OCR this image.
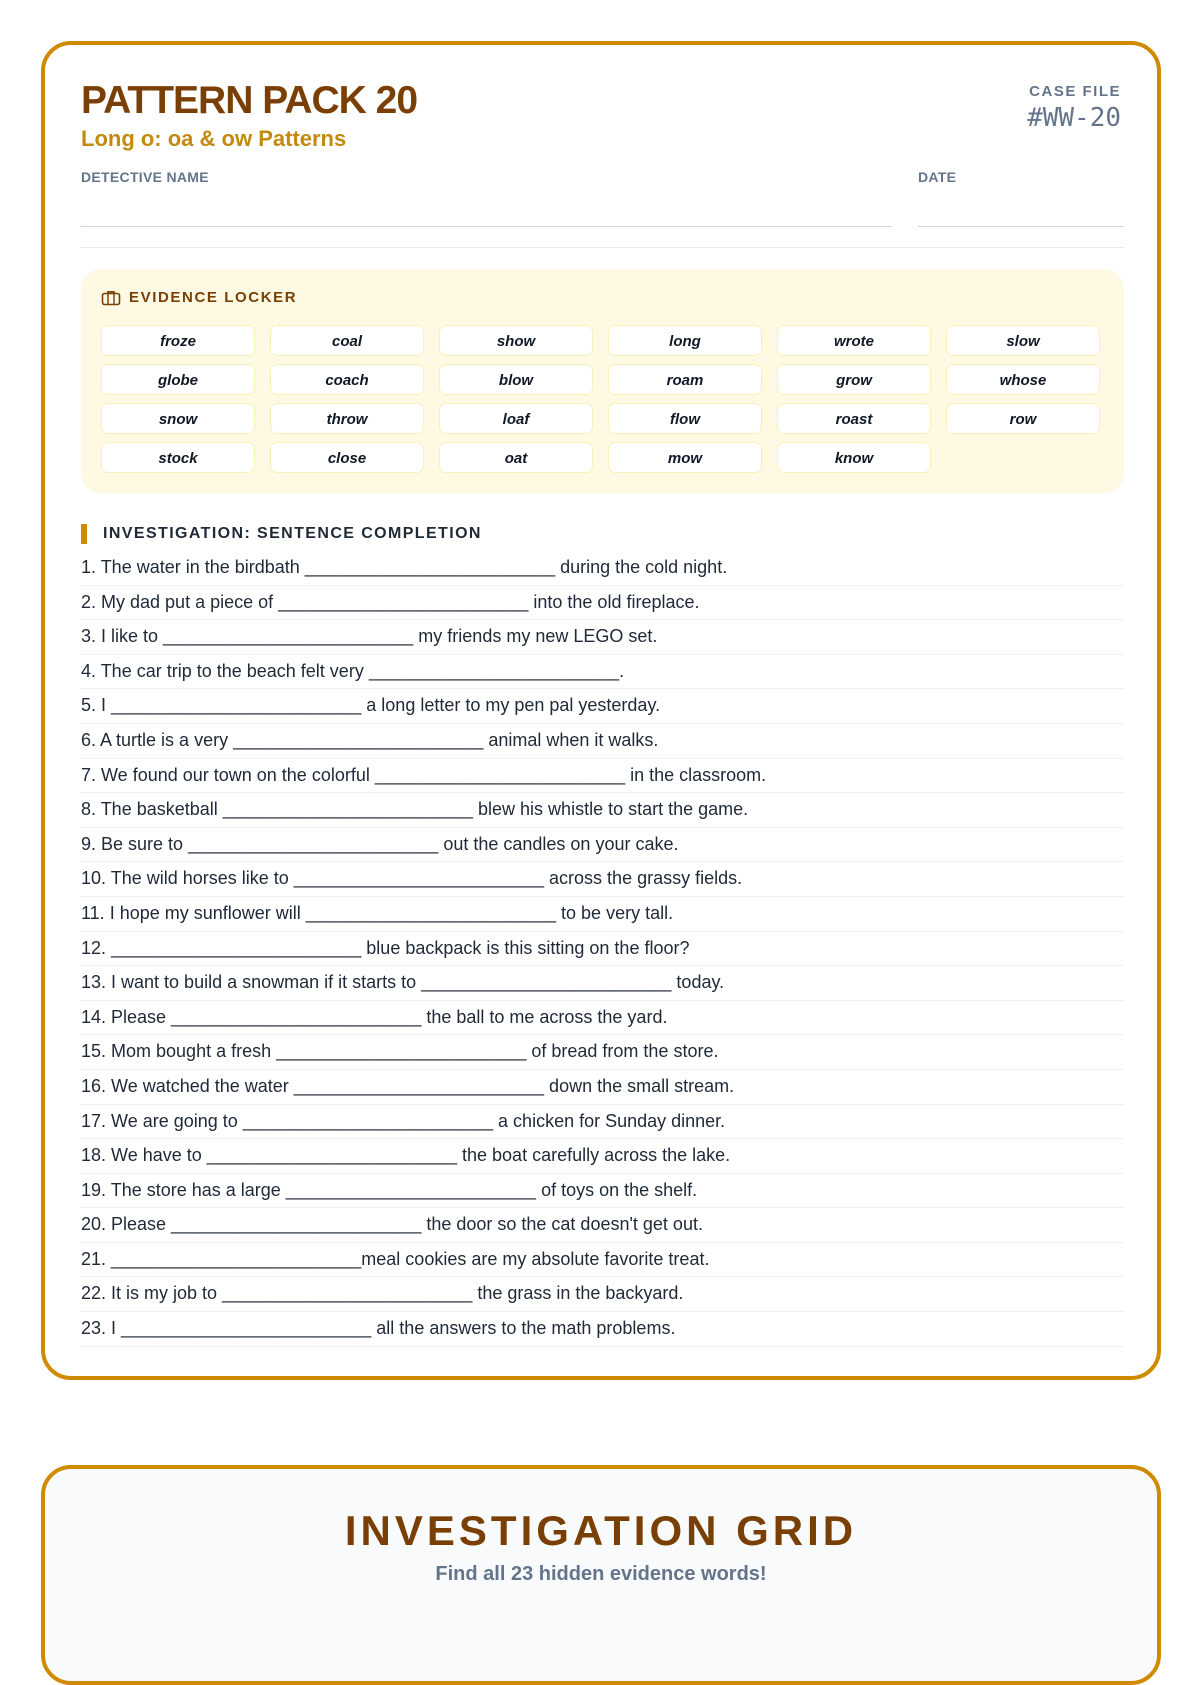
PATTERN PACK 20
Long o: oa & ow Patterns
CASE FILE
#WW-20
DETECTIVE NAME	DATE
EVIDENCE LOCKER
froze	coal	show	long	wrote	slow
globe	coach	blow	roam	grow	whose
snow	throw	loaf	flow	roast	row
stock	close	oat	mow	know
INVESTIGATION: SENTENCE COMPLETION
1. The water in the birdbath _________________________ during the cold night.
2. My dad put a piece of _________________________ into the old fireplace.
3. I like to _________________________ my friends my new LEGO set.
4. The car trip to the beach felt very _________________________.
5. I _________________________ a long letter to my pen pal yesterday.
6. A turtle is a very _________________________ animal when it walks.
7. We found our town on the colorful _________________________ in the classroom.
8. The basketball _________________________ blew his whistle to start the game.
9. Be sure to _________________________ out the candles on your cake.
10. The wild horses like to _________________________ across the grassy fields.
11. I hope my sunflower will _________________________ to be very tall.
12. _________________________ blue backpack is this sitting on the floor?
13. I want to build a snowman if it starts to _________________________ today.
14. Please _________________________ the ball to me across the yard.
15. Mom bought a fresh _________________________ of bread from the store.
16. We watched the water _________________________ down the small stream.
17. We are going to _________________________ a chicken for Sunday dinner.
18. We have to _________________________ the boat carefully across the lake.
19. The store has a large _________________________ of toys on the shelf.
20. Please _________________________ the door so the cat doesn't get out.
21. _________________________meal cookies are my absolute favorite treat.
22. It is my job to _________________________ the grass in the backyard.
23. I _________________________ all the answers to the math problems.
INVESTIGATION GRID
Find all 23 hidden evidence words!
